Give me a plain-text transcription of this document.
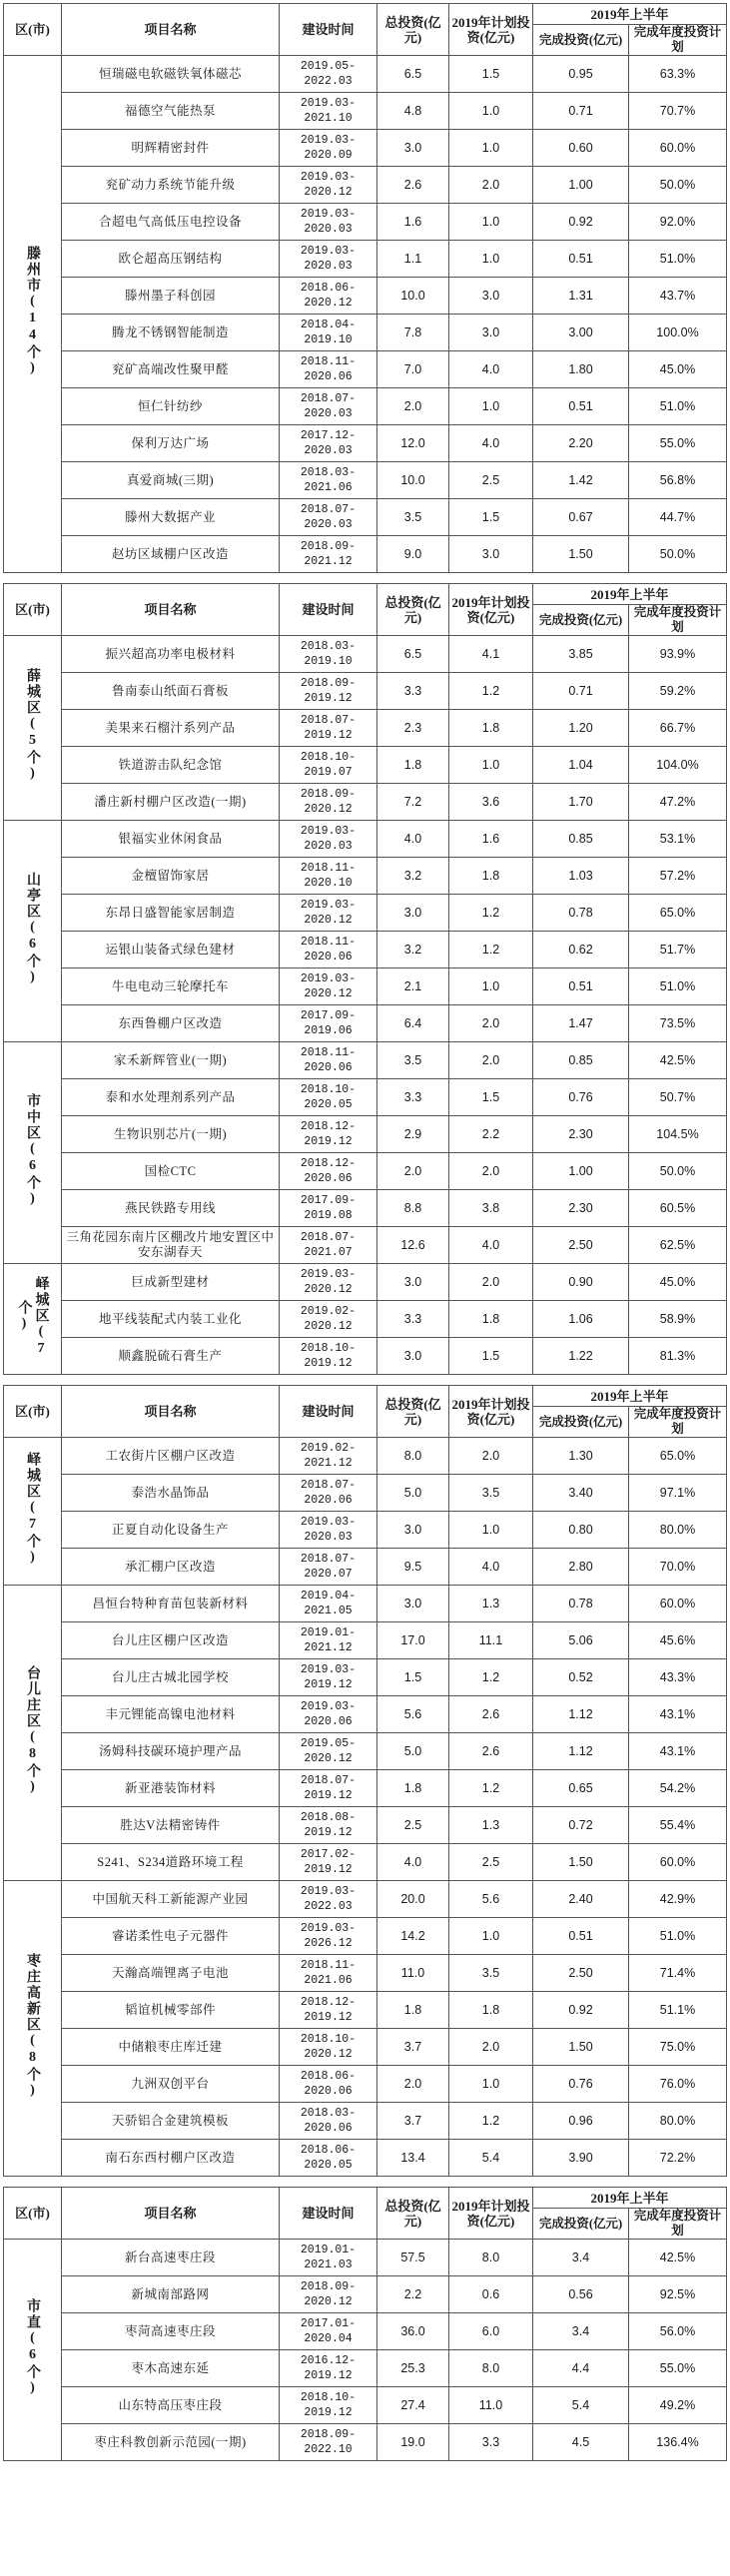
区(市)	项目名称	建设时间	总投资(亿元)	2019年计划投资(亿元)	2019年上半年	
					完成投资(亿元)	完成年度投资计划
滕州市(14个)	恒瑞磁电软磁铁氧体磁芯	2019.05-2022.03	6.5	1.5	0.95	63.3%
	福德空气能热泵	2019.03-2021.10	4.8	1.0	0.71	70.7%
	明辉精密封件	2019.03-2020.09	3.0	1.0	0.60	60.0%
	兖矿动力系统节能升级	2019.03-2020.12	2.6	2.0	1.00	50.0%
	合超电气高低压电控设备	2019.03-2020.03	1.6	1.0	0.92	92.0%
	欧仑超高压钢结构	2019.03-2020.03	1.1	1.0	0.51	51.0%
	滕州墨子科创园	2018.06-2020.12	10.0	3.0	1.31	43.7%
	腾龙不锈钢智能制造	2018.04-2019.10	7.8	3.0	3.00	100.0%
	兖矿高端改性聚甲醛	2018.11-2020.06	7.0	4.0	1.80	45.0%
	恒仁针纺纱	2018.07-2020.03	2.0	1.0	0.51	51.0%
	保利万达广场	2017.12-2020.03	12.0	4.0	2.20	55.0%
	真爱商城(三期)	2018.03-2021.06	10.0	2.5	1.42	56.8%
	滕州大数据产业	2018.07-2020.03	3.5	1.5	0.67	44.7%
	赵坊区域棚户区改造	2018.09-2021.12	9.0	3.0	1.50	50.0%
区(市)	项目名称	建设时间	总投资(亿元)	2019年计划投资(亿元)	2019年上半年	
					完成投资(亿元)	完成年度投资计划
薛城区(5个)	振兴超高功率电极材料	2018.03-2019.10	6.5	4.1	3.85	93.9%
	鲁南泰山纸面石膏板	2018.09-2019.12	3.3	1.2	0.71	59.2%
	美果来石榴汁系列产品	2018.07-2019.12	2.3	1.8	1.20	66.7%
	铁道游击队纪念馆	2018.10-2019.07	1.8	1.0	1.04	104.0%
	潘庄新村棚户区改造(一期)	2018.09-2020.12	7.2	3.6	1.70	47.2%
山亭区(6个)	银福实业休闲食品	2019.03-2020.03	4.0	1.6	0.85	53.1%
	金檀留饰家居	2018.11-2020.10	3.2	1.8	1.03	57.2%
	东昂日盛智能家居制造	2019.03-2020.12	3.0	1.2	0.78	65.0%
	运银山装备式绿色建材	2018.11-2020.06	3.2	1.2	0.62	51.7%
	牛电电动三轮摩托车	2019.03-2020.12	2.1	1.0	0.51	51.0%
	东西鲁棚户区改造	2017.09-2019.06	6.4	2.0	1.47	73.5%
市中区(6个)	家禾新辉管业(一期)	2018.11-2020.06	3.5	2.0	0.85	42.5%
	泰和水处理剂系列产品	2018.10-2020.05	3.3	1.5	0.76	50.7%
	生物识别芯片(一期)	2018.12-2019.12	2.9	2.2	2.30	104.5%
	国检CTC	2018.12-2020.06	2.0	2.0	1.00	50.0%
	燕民铁路专用线	2017.09-2019.08	8.8	3.8	2.30	60.5%
	三角花园东南片区棚改片地安置区中安东湖春天	2018.07-2021.07	12.6	4.0	2.50	62.5%
峄城区(7个)	巨成新型建材	2019.03-2020.12	3.0	2.0	0.90	45.0%
	地平线装配式内装工业化	2019.02-2020.12	3.3	1.8	1.06	58.9%
	顺鑫脱硫石膏生产	2018.10-2019.12	3.0	1.5	1.22	81.3%
区(市)	项目名称	建设时间	总投资(亿元)	2019年计划投资(亿元)	2019年上半年	
					完成投资(亿元)	完成年度投资计划
峄城区(7个)	工农街片区棚户区改造	2019.02-2021.12	8.0	2.0	1.30	65.0%
	泰浩水晶饰品	2018.07-2020.06	5.0	3.5	3.40	97.1%
	正夏自动化设备生产	2019.03-2020.03	3.0	1.0	0.80	80.0%
	承汇棚户区改造	2018.07-2020.07	9.5	4.0	2.80	70.0%
台儿庄区(8个)	昌恒台特种育苗包装新材料	2019.04-2021.05	3.0	1.3	0.78	60.0%
	台儿庄区棚户区改造	2019.01-2021.12	17.0	11.1	5.06	45.6%
	台儿庄古城北园学校	2019.03-2019.12	1.5	1.2	0.52	43.3%
	丰元锂能高镍电池材料	2019.03-2020.06	5.6	2.6	1.12	43.1%
	汤姆科技碳环境护理产品	2019.05-2020.12	5.0	2.6	1.12	43.1%
	新亚港装饰材料	2018.07-2019.12	1.8	1.2	0.65	54.2%
	胜达V法精密铸件	2018.08-2019.12	2.5	1.3	0.72	55.4%
	S241、S234道路环境工程	2017.02-2019.12	4.0	2.5	1.50	60.0%
枣庄高新区(8个)	中国航天科工新能源产业园	2019.03-2022.03	20.0	5.6	2.40	42.9%
	睿诺柔性电子元器件	2019.03-2026.12	14.2	1.0	0.51	51.0%
	天瀚高端锂离子电池	2018.11-2021.06	11.0	3.5	2.50	71.4%
	韬谊机械零部件	2018.12-2019.12	1.8	1.8	0.92	51.1%
	中储粮枣庄库迁建	2018.10-2020.12	3.7	2.0	1.50	75.0%
	九洲双创平台	2018.06-2020.06	2.0	1.0	0.76	76.0%
	天骄铝合金建筑模板	2018.03-2020.06	3.7	1.2	0.96	80.0%
	南石东西村棚户区改造	2018.06-2020.05	13.4	5.4	3.90	72.2%
区(市)	项目名称	建设时间	总投资(亿元)	2019年计划投资(亿元)	2019年上半年	
					完成投资(亿元)	完成年度投资计划
市直(6个)	新台高速枣庄段	2019.01-2021.03	57.5	8.0	3.4	42.5%
	新城南部路网	2018.09-2020.12	2.2	0.6	0.56	92.5%
	枣菏高速枣庄段	2017.01-2020.04	36.0	6.0	3.4	56.0%
	枣木高速东延	2016.12-2019.12	25.3	8.0	4.4	55.0%
	山东特高压枣庄段	2018.10-2019.12	27.4	11.0	5.4	49.2%
	枣庄科教创新示范园(一期)	2018.09-2022.10	19.0	3.3	4.5	136.4%
